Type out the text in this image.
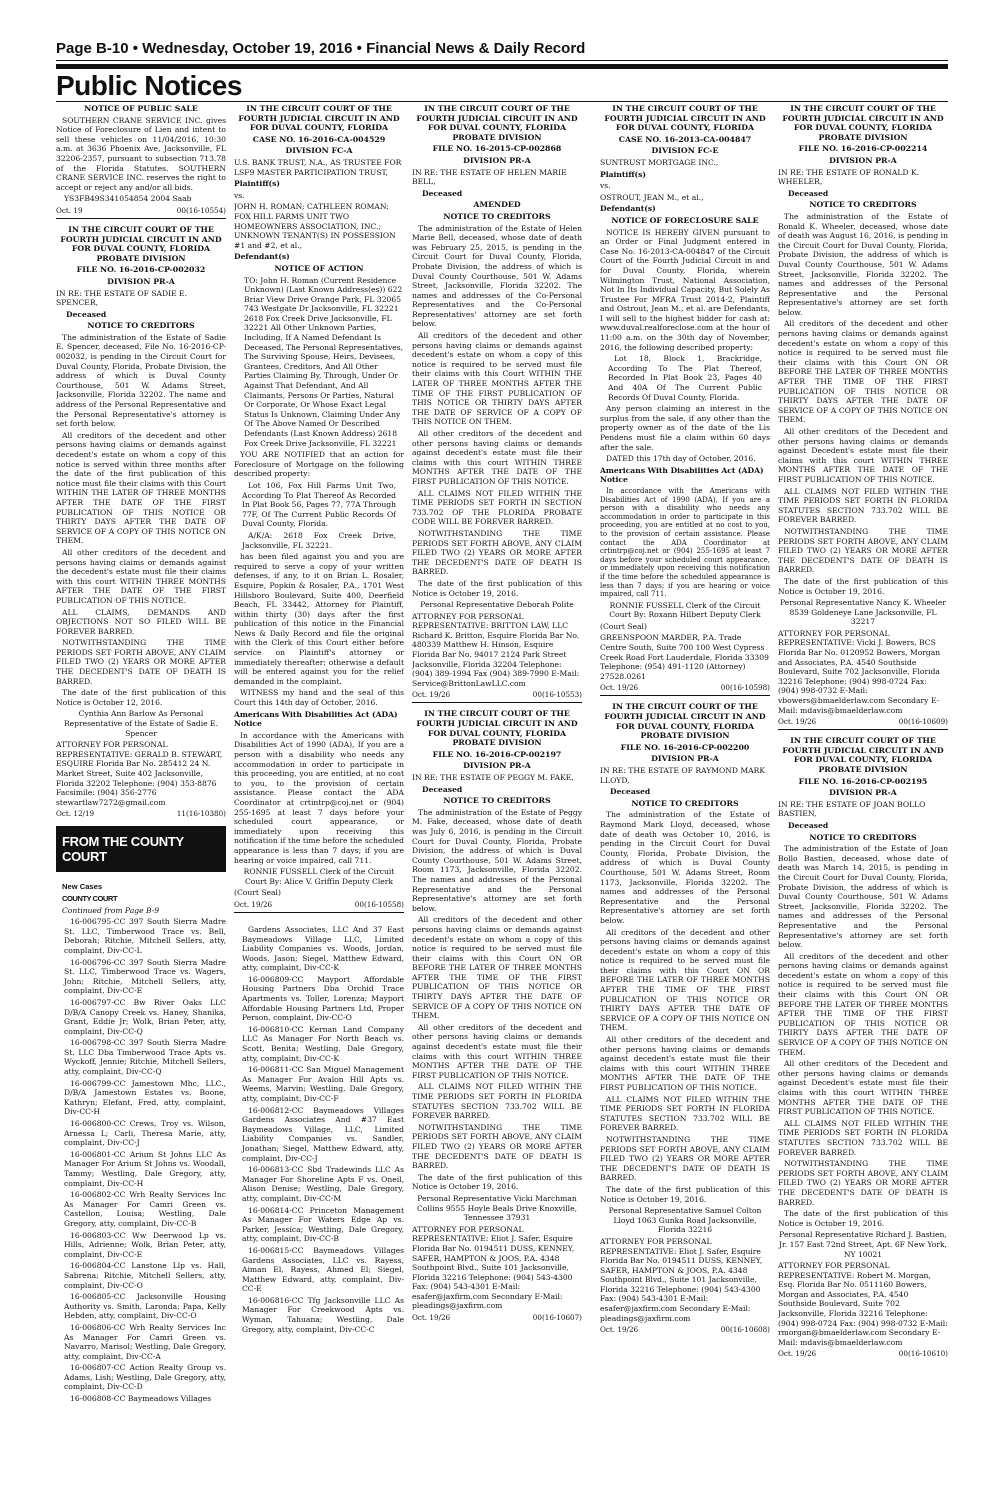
Page B-10 • Wednesday, October 19, 2016 • Financial News & Daily Record
Public Notices

NOTICE OF PUBLIC SALE

SOUTHERN CRANE SERVICE INC. gives Notice of Foreclosure of Lien and intent to sell these vehicles on 11/04/2016, 10:30 a.m. at 3636 Phoenix Ave, Jacksonville, FL 32206-2357, pursuant to subsection 713.78 of the Florida Statutes. SOUTHERN CRANE SERVICE INC. reserves the right to accept or reject any and/or all bids.

YS3FB49S341054854 2004 Saab

Oct. 19	00(16-10554)

IN THE CIRCUIT COURT OF THE FOURTH JUDICIAL CIRCUIT IN AND FOR DUVAL COUNTY, FLORIDA PROBATE DIVISION

FILE NO. 16-2016-CP-002032

DIVISION PR-A

IN RE: THE ESTATE OF SADIE E. SPENCER,

Deceased

NOTICE TO CREDITORS

The administration of the Estate of Sadie E. Spencer, deceased, File No. 16-2016-CP-002032, is pending in the Circuit Court for Duval County, Florida, Probate Division, the address of which is Duval County Courthouse, 501 W. Adams Street, Jacksonville, Florida 32202. The name and address of the Personal Representative and the Personal Representative's attorney is set forth below.

All creditors of the decedent and other persons having claims or demands against decedent's estate on whom a copy of this notice is served within three months after the date of the first publication of this notice must file their claims with this Court WITHIN THE LATER OF THREE MONTHS AFTER THE DATE OF THE FIRST PUBLICATION OF THIS NOTICE OR THIRTY DAYS AFTER THE DATE OF SERVICE OF A COPY OF THIS NOTICE ON THEM.

All other creditors of the decedent and persons having claims or demands against the decedent's estate must file their claims with this court WITHIN THREE MONTHS AFTER THE DATE OF THE FIRST PUBLICATION OF THIS NOTICE.

ALL CLAIMS, DEMANDS AND OBJECTIONS NOT SO FILED WILL BE FOREVER BARRED.

NOTWITHSTANDING THE TIME PERIODS SET FORTH ABOVE, ANY CLAIM FILED TWO (2) YEARS OR MORE AFTER THE DECEDENT'S DATE OF DEATH IS BARRED.

The date of the first publication of this Notice is October 12, 2016.

Cynthia Ann Barlow As Personal Representative of the Estate of Sadie E. Spencer

ATTORNEY FOR PERSONAL REPRESENTATIVE: GERALD B. STEWART, ESQUIRE Florida Bar No. 285412 24 N. Market Street, Suite 402 Jacksonville, Florida 32202 Telephone: (904) 353-8876 Facsimile: (904) 356-2776 stewartlaw7272@gmail.com

Oct. 12/19	11(16-10380)
FROM THE COUNTY COURT

New Cases

COUNTY COURT

Continued from Page B-9

16-006795-CC 397 South Sierra Madre St. LLC, Timberwood Trace vs. Bell, Deborah; Ritchie, Mitchell Sellers, atty, complaint, Div-CC-L

16-006796-CC 397 South Sierra Madre St. LLC, Timberwood Trace vs. Wagers, John; Ritchie, Mitchell Sellers, atty, complaint, Div-CC-E

16-006797-CC Bw River Oaks LLC D/B/A Canopy Creek vs. Haney, Shanika, Grant, Eddie Jr; Wolk, Brian Peter, atty, complaint, Div-CC-Q

16-006798-CC 397 South Sierra Madre St. LLC Dba Timberwood Trace Apts vs. Wyckoff, Jennie; Ritchie, Mitchell Sellers, atty, complaint, Div-CC-Q

16-006799-CC Jamestown Mhc, LLC., D/B/A Jamestown Estates vs. Boone, Kathryn; Elefant, Fred, atty, complaint, Div-CC-H

16-006800-CC Crews, Troy vs. Wilson, Arnessa L; Carli, Theresa Marie, atty, complaint, Div-CC-J

16-006801-CC Arium St Johns LLC As Manager For Arium St Johns vs. Woodall, Tammy; Westling, Dale Gregory, atty, complaint, Div-CC-H

16-006802-CC Wrh Realty Services Inc As Manager For Camri Green vs. Castellon, Louisa; Westling, Dale Gregory, atty, complaint, Div-CC-B

16-006803-CC Ww Deerwood Lp vs. Hills, Adrienne; Wolk, Brian Peter, atty, complaint, Div-CC-E

16-006804-CC Lanstone Llp vs. Hall, Sabrena; Ritchie, Mitchell Sellers, atty, complaint, Div-CC-O

16-006805-CC Jacksonville Housing Authority vs. Smith, Laronda; Papa, Kelly Hebden, atty, complaint, Div-CC-O

16-006806-CC Wrh Realty Services Inc As Manager For Camri Green vs. Navarro, Marisol; Westling, Dale Gregory, atty, complaint, Div-CC-A

16-006807-CC Action Realty Group vs. Adams, Lish; Westling, Dale Gregory, atty, complaint, Div-CC-D

16-006808-CC Baymeadows Villages

IN THE CIRCUIT COURT OF THE FOURTH JUDICIAL CIRCUIT IN AND FOR DUVAL COUNTY, FLORIDA

CASE NO. 16-2016-CA-004529

DIVISION FC-A

U.S. BANK TRUST, N.A., AS TRUSTEE FOR LSF9 MASTER PARTICIPATION TRUST,

Plaintiff(s)

vs.

JOHN H. ROMAN; CATHLEEN ROMAN; FOX HILL FARMS UNIT TWO HOMEOWNERS ASSOCIATION, INC.; UNKNOWN TENANT(S) IN POSSESSION #1 and #2, et al.,

Defendant(s)

NOTICE OF ACTION

TO: John H. Roman (Current Residence Unknown) (Last Known Address(es)) 622 Briar View Drive Orange Park, FL 32065 743 Westgate Dr Jacksonville, FL 32221 2618 Fox Creek Drive Jacksonville, FL 32221 All Other Unknown Parties, Including, If A Named Defendant Is Deceased, The Personal Representatives, The Surviving Spouse, Heirs, Devisees, Grantees, Creditors, And All Other Parties Claiming By, Through, Under Or Against That Defendant, And All Claimants, Persons Or Parties, Natural Or Corporate, Or Whose Exact Legal Status Is Unknown, Claiming Under Any Of The Above Named Or Described Defendants (Last Known Address) 2618 Fox Creek Drive Jacksonville, FL 32221

YOU ARE NOTIFIED that an action for Foreclosure of Mortgage on the following described property:

Lot 106, Fox Hill Farms Unit Two, According To Plat Thereof As Recorded In Plat Book 56, Pages 77, 77A Through 77F, Of The Current Public Records Of Duval County, Florida.

A/K/A: 2618 Fox Creek Drive, Jacksonville, FL 32221.

has been filed against you and you are required to serve a copy of your written defenses, if any, to it on Brian L. Rosaler, Esquire, Popkin & Rosaler, P.A., 1701 West Hillsboro Boulevard, Suite 400, Deerfield Beach, FL 33442, Attorney for Plaintiff, within thirty (30) days after the first publication of this notice in the Financial News & Daily Record and file the original with the Clerk of this Court either before service on Plaintiff's attorney or immediately thereafter; otherwise a default will be entered against you for the relief demanded in the complaint.

WITNESS my hand and the seal of this Court this 14th day of October, 2016.

Americans With Disabilities Act (ADA) Notice

In accordance with the Americans with Disabilities Act of 1990 (ADA), If you are a person with a disability who needs any accommodation in order to participate in this proceeding, you are entitled, at no cost to you, to the provision of certain assistance. Please contact the ADA Coordinator at crtintrp@coj.net or (904) 255-1695 at least 7 days before your scheduled court appearance, or immediately upon receiving this notification if the time before the scheduled appearance is less than 7 days; if you are hearing or voice impaired, call 711.

RONNIE FUSSELL Clerk of the Circuit Court By: Alice V. Griffin Deputy Clerk

(Court Seal)

Oct. 19/26	00(16-10558)

Gardens Associates, LLC And 37 East Baymeadows Village LLC, Limited Liability Companies vs. Woods, Jordan, Woods, Jason; Siegel, Matthew Edward, atty, complaint, Div-CC-K

16-006809-CC Mayport Affordable Housing Partners Dba Orchid Trace Apartments vs. Toller, Lorenza; Mayport Affordable Housing Partners Ltd, Proper Person, complaint, Div-CC-O

16-006810-CC Kernan Land Company LLC As Manager For North Beach vs. Scott, Benita; Westling, Dale Gregory, atty, complaint, Div-CC-K

16-006811-CC San Miguel Management As Manager For Avalon Hill Apts vs. Weems, Marvin; Westling, Dale Gregory, atty, complaint, Div-CC-F

16-006812-CC Baymeadows Villages Gardens Associates And #37 East Baymeadows Village, LLC, Limited Liability Companies vs. Sandler, Jonathan; Siegel, Matthew Edward, atty, complaint, Div-CC-J

16-006813-CC Sbd Tradewinds LLC As Manager For Shoreline Apts F vs. Oneil, Alison Denise; Westling, Dale Gregory, atty, complaint, Div-CC-M

16-006814-CC Princeton Management As Manager For Waters Edge Ap vs. Parker, Jessica; Westling, Dale Gregory, atty, complaint, Div-CC-B

16-006815-CC Baymeadows Villages Gardens Associates, LLC vs. Rayess, Aiman El, Rayess, Ahmed El; Siegel, Matthew Edward, atty, complaint, Div-CC-E

16-006816-CC Tfg Jacksonville LLC As Manager For Creekwood Apts vs. Wyman, Tahuana; Westling, Dale Gregory, atty, complaint, Div-CC-C

IN THE CIRCUIT COURT OF THE FOURTH JUDICIAL CIRCUIT IN AND FOR DUVAL COUNTY, FLORIDA PROBATE DIVISION

FILE NO. 16-2015-CP-002868

DIVISION PR-A

IN RE: THE ESTATE OF HELEN MARIE BELL,

Deceased

AMENDED

NOTICE TO CREDITORS

The administration of the Estate of Helen Marie Bell, deceased, whose date of death was February 25, 2015, is pending in the Circuit Court for Duval County, Florida, Probate Division, the address of which is Duval County Courthouse, 501 W. Adams Street, Jacksonville, Florida 32202. The names and addresses of the Co-Personal Representatives and the Co-Personal Representatives' attorney are set forth below.

All creditors of the decedent and other persons having claims or demands against decedent's estate on whom a copy of this notice is required to be served must file their claims with this Court WITHIN THE LATER OF THREE MONTHS AFTER THE TIME OF THE FIRST PUBLICATION OF THIS NOTICE OR THIRTY DAYS AFTER THE DATE OF SERVICE OF A COPY OF THIS NOTICE ON THEM.

All other creditors of the decedent and other persons having claims or demands against decedent's estate must file their claims with this court WITHIN THREE MONTHS AFTER THE DATE OF THE FIRST PUBLICATION OF THIS NOTICE.

ALL CLAIMS NOT FILED WITHIN THE TIME PERIODS SET FORTH IN SECTION 733.702 OF THE FLORIDA PROBATE CODE WILL BE FOREVER BARRED.

NOTWITHSTANDING THE TIME PERIODS SET FORTH ABOVE, ANY CLAIM FILED TWO (2) YEARS OR MORE AFTER THE DECEDENT'S DATE OF DEATH IS BARRED.

The date of the first publication of this Notice is October 19, 2016.

Personal Representative Deborah Polite

ATTORNEY FOR PERSONAL REPRESENTATIVE: BRITTON LAW, LLC Richard K. Britton, Esquire Florida Bar No. 480339 Matthew H. Hinson, Esquire Florida Bar No. 94017 2124 Park Street Jacksonville, Florida 32204 Telephone: (904) 389-1994 Fax (904) 389-7990 E-Mail: Service@BrittonLawLLC.com

Oct. 19/26	00(16-10553)

IN THE CIRCUIT COURT OF THE FOURTH JUDICIAL CIRCUIT IN AND FOR DUVAL COUNTY, FLORIDA PROBATE DIVISION

FILE NO. 16-2016-CP-002197

DIVISION PR-A

IN RE: THE ESTATE OF PEGGY M. FAKE,

Deceased

NOTICE TO CREDITORS

The administration of the Estate of Peggy M. Fake, deceased, whose date of death was July 6, 2016, is pending in the Circuit Court for Duval County, Florida, Probate Division, the address of which is Duval County Courthouse, 501 W. Adams Street, Room 1173, Jacksonville, Florida 32202. The names and addresses of the Personal Representative and the Personal Representative's attorney are set forth below.

All creditors of the decedent and other persons having claims or demands against decedent's estate on whom a copy of this notice is required to be served must file their claims with this Court ON OR BEFORE THE LATER OF THREE MONTHS AFTER THE TIME OF THE FIRST PUBLICATION OF THIS NOTICE OR THIRTY DAYS AFTER THE DATE OF SERVICE OF A COPY OF THIS NOTICE ON THEM.

All other creditors of the decedent and other persons having claims or demands against decedent's estate must file their claims with this court WITHIN THREE MONTHS AFTER THE DATE OF THE FIRST PUBLICATION OF THIS NOTICE.

ALL CLAIMS NOT FILED WITHIN THE TIME PERIODS SET FORTH IN FLORIDA STATUTES SECTION 733.702 WILL BE FOREVER BARRED.

NOTWITHSTANDING THE TIME PERIODS SET FORTH ABOVE, ANY CLAIM FILED TWO (2) YEARS OR MORE AFTER THE DECEDENT'S DATE OF DEATH IS BARRED.

The date of the first publication of this Notice is October 19, 2016.

Personal Representative Vicki Marchman Collins 9555 Hoyle Beals Drive Knoxville, Tennessee 37931

ATTORNEY FOR PERSONAL REPRESENTATIVE: Eliot J. Safer, Esquire Florida Bar No. 0194511 DUSS, KENNEY, SAFER, HAMPTON & JOOS, P.A. 4348 Southpoint Blvd., Suite 101 Jacksonville, Florida 32216 Telephone: (904) 543-4300 Fax: (904) 543-4301 E-Mail: esafer@jaxfirm.com Secondary E-Mail: pleadings@jaxfirm.com

Oct. 19/26	00(16-10607)

IN THE CIRCUIT COURT OF THE FOURTH JUDICIAL CIRCUIT IN AND FOR DUVAL COUNTY, FLORIDA

CASE NO. 16-2013-CA-004847

DIVISION FC-E

SUNTRUST MORTGAGE INC.,

Plaintiff(s)

vs.

OSTROUT, JEAN M., et al.,

Defendant(s)

NOTICE OF FORECLOSURE SALE

NOTICE IS HEREBY GIVEN pursuant to an Order or Final Judgment entered in Case No. 16-2013-CA-004847 of the Circuit Court of the Fourth Judicial Circuit in and for Duval County, Florida, wherein Wilmington Trust, National Association, Not In Its Individual Capacity, But Solely As Trustee For MFRA Trust 2014-2, Plaintiff and Ostrout, Jean M., et al. are Defendants, I will sell to the highest bidder for cash at: www.duval.realforeclose.com at the hour of 11:00 a.m. on the 30th day of November, 2016, the following described property:

Lot 18, Block 1, Brackridge, According To The Plat Thereof, Recorded In Plat Book 23, Pages 40 And 40A Of The Current Public Records Of Duval County, Florida.

Any person claiming an interest in the surplus from the sale, if any other than the property owner as of the date of the Lis Pendens must file a claim within 60 days after the sale.

DATED this 17th day of October, 2016.

Americans With Disabilities Act (ADA) Notice

In accordance with the Americans with Disabilities Act of 1990 (ADA), If you are a person with a disability who needs any accommodation in order to participate in this proceeding, you are entitled at no cost to you, to the provision of certain assistance. Please contact the ADA Coordinator at crtintrp@coj.net or (904) 255-1695 at least 7 days before your scheduled court appearance, or immediately upon receiving this notification if the time before the scheduled appearance is less than 7 days; if you are hearing or voice impaired, call 711.

RONNIE FUSSELL Clerk of the Circuit Court By: Roxann Hilbert Deputy Clerk

(Court Seal)

GREENSPOON MARDER, P.A. Trade Centre South, Suite 700 100 West Cypress Creek Road Fort Lauderdale, Florida 33309 Telephone: (954) 491-1120 (Attorney) 27528.0261

Oct. 19/26	00(16-10598)

IN THE CIRCUIT COURT OF THE FOURTH JUDICIAL CIRCUIT IN AND FOR DUVAL COUNTY, FLORIDA PROBATE DIVISION

FILE NO. 16-2016-CP-002200

DIVISION PR-A

IN RE: THE ESTATE OF RAYMOND MARK LLOYD,

Deceased

NOTICE TO CREDITORS

The administration of the Estate of Raymond Mark Lloyd, deceased, whose date of death was October 10, 2016, is pending in the Circuit Court for Duval County, Florida, Probate Division, the address of which is Duval County Courthouse, 501 W. Adams Street, Room 1173, Jacksonville, Florida 32202. The names and addresses of the Personal Representative and the Personal Representative's attorney are set forth below.

All creditors of the decedent and other persons having claims or demands against decedent's estate on whom a copy of this notice is required to be served must file their claims with this Court ON OR BEFORE THE LATER OF THREE MONTHS AFTER THE TIME OF THE FIRST PUBLICATION OF THIS NOTICE OR THIRTY DAYS AFTER THE DATE OF SERVICE OF A COPY OF THIS NOTICE ON THEM.

All other creditors of the decedent and other persons having claims or demands against decedent's estate must file their claims with this court WITHIN THREE MONTHS AFTER THE DATE OF THE FIRST PUBLICATION OF THIS NOTICE.

ALL CLAIMS NOT FILED WITHIN THE TIME PERIODS SET FORTH IN FLORIDA STATUTES SECTION 733.702 WILL BE FOREVER BARRED.

NOTWITHSTANDING THE TIME PERIODS SET FORTH ABOVE, ANY CLAIM FILED TWO (2) YEARS OR MORE AFTER THE DECEDENT'S DATE OF DEATH IS BARRED.

The date of the first publication of this Notice is October 19, 2016.

Personal Representative Samuel Colton Lloyd 1063 Gunka Road Jacksonville, Florida 32216

ATTORNEY FOR PERSONAL REPRESENTATIVE: Eliot J. Safer, Esquire Florida Bar No. 0194511 DUSS, KENNEY, SAFER, HAMPTON & JOOS, P.A. 4348 Southpoint Blvd., Suite 101 Jacksonville, Florida 32216 Telephone: (904) 543-4300 Fax: (904) 543-4301 E-Mail: esafer@jaxfirm.com Secondary E-Mail: pleadings@jaxfirm.com

Oct. 19/26	00(16-10608)

IN THE CIRCUIT COURT OF THE FOURTH JUDICIAL CIRCUIT IN AND FOR DUVAL COUNTY, FLORIDA PROBATE DIVISION

FILE NO. 16-2016-CP-002214

DIVISION PR-A

IN RE: THE ESTATE OF RONALD K. WHEELER,

Deceased

NOTICE TO CREDITORS

The administration of the Estate of Ronald K. Wheeler, deceased, whose date of death was August 16, 2016, is pending in the Circuit Court for Duval County, Florida, Probate Division, the address of which is Duval County Courthouse, 501 W. Adams Street, Jacksonville, Florida 32202. The names and addresses of the Personal Representative and the Personal Representative's attorney are set forth below.

All creditors of the decedent and other persons having claims or demands against decedent's estate on whom a copy of this notice is required to be served must file their claims with this Court ON OR BEFORE THE LATER OF THREE MONTHS AFTER THE TIME OF THE FIRST PUBLICATION OF THIS NOTICE OR THIRTY DAYS AFTER THE DATE OF SERVICE OF A COPY OF THIS NOTICE ON THEM.

All other creditors of the Decedent and other persons having claims or demands against Decedent's estate must file their claims with this court WITHIN THREE MONTHS AFTER THE DATE OF THE FIRST PUBLICATION OF THIS NOTICE.

ALL CLAIMS NOT FILED WITHIN THE TIME PERIODS SET FORTH IN FLORIDA STATUTES SECTION 733.702 WILL BE FOREVER BARRED.

NOTWITHSTANDING THE TIME PERIODS SET FORTH ABOVE, ANY CLAIM FILED TWO (2) YEARS OR MORE AFTER THE DECEDENT'S DATE OF DEATH IS BARRED.

The date of the first publication of this Notice is October 19, 2016.

Personal Representative Nancy K. Wheeler 8539 Goldeneye Lane Jacksonville, FL 32217

ATTORNEY FOR PERSONAL REPRESENTATIVE: Vicki J. Bowers, BCS Florida Bar No. 0120952 Bowers, Morgan and Associates, P.A. 4540 Southside Boulevard, Suite 702 Jacksonville, Florida 32216 Telephone: (904) 998-0724 Fax: (904) 998-0732 E-Mail: vbowers@bmaelderlaw.com Secondary E-Mail: mdavis@bmaelderlaw.com

Oct. 19/26	00(16-10609)

IN THE CIRCUIT COURT OF THE FOURTH JUDICIAL CIRCUIT IN AND FOR DUVAL COUNTY, FLORIDA PROBATE DIVISION

FILE NO. 16-2016-CP-002195

DIVISION PR-A

IN RE: THE ESTATE OF JOAN BOLLO BASTIEN,

Deceased

NOTICE TO CREDITORS

The administration of the Estate of Joan Bollo Bastien, deceased, whose date of death was March 14, 2015, is pending in the Circuit Court for Duval County, Florida, Probate Division, the address of which is Duval County Courthouse, 501 W. Adams Street, Jacksonville, Florida 32202. The names and addresses of the Personal Representative and the Personal Representative's attorney are set forth below.

All creditors of the decedent and other persons having claims or demands against decedent's estate on whom a copy of this notice is required to be served must file their claims with this Court ON OR BEFORE THE LATER OF THREE MONTHS AFTER THE TIME OF THE FIRST PUBLICATION OF THIS NOTICE OR THIRTY DAYS AFTER THE DATE OF SERVICE OF A COPY OF THIS NOTICE ON THEM.

All other creditors of the Decedent and other persons having claims or demands against Decedent's estate must file their claims with this court WITHIN THREE MONTHS AFTER THE DATE OF THE FIRST PUBLICATION OF THIS NOTICE.

ALL CLAIMS NOT FILED WITHIN THE TIME PERIODS SET FORTH IN FLORIDA STATUTES SECTION 733.702 WILL BE FOREVER BARRED.

NOTWITHSTANDING THE TIME PERIODS SET FORTH ABOVE, ANY CLAIM FILED TWO (2) YEARS OR MORE AFTER THE DECEDENT'S DATE OF DEATH IS BARRED.

The date of the first publication of this Notice is October 19, 2016.

Personal Representative Richard J. Bastien, Jr. 157 East 72nd Street, Apt. 6F New York, NY 10021

ATTORNEY FOR PERSONAL REPRESENTATIVE: Robert M. Morgan, Esq. Florida Bar No. 0511160 Bowers, Morgan and Associates, P.A. 4540 Southside Boulevard, Suite 702 Jacksonville, Florida 32216 Telephone: (904) 998-0724 Fax: (904) 998-0732 E-Mail: rmorgan@bmaelderlaw.com Secondary E-Mail: mdavis@bmaelderlaw.com

Oct. 19/26	00(16-10610)
